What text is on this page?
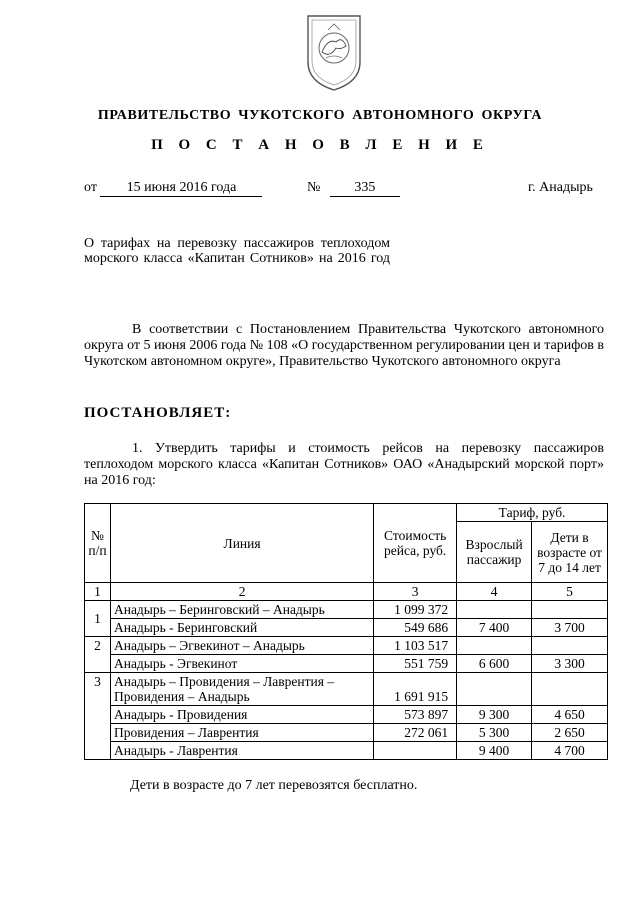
ПРАВИТЕЛЬСТВО ЧУКОТСКОГО АВТОНОМНОГО ОКРУГА
П О С Т А Н О В Л Е Н И Е
от 15 июня 2016 года	№ 335	г. Анадырь
О тарифах на перевозку пассажиров теплоходом морского класса «Капитан Сотников» на 2016 год
В соответствии с Постановлением Правительства Чукотского автономного округа от 5 июня 2006 года № 108 «О государственном регулировании цен и тарифов в Чукотском автономном округе», Правительство Чукотского автономного округа
ПОСТАНОВЛЯЕТ:
1. Утвердить тарифы и стоимость рейсов на перевозку пассажиров теплоходом морского класса «Капитан Сотников» ОАО «Анадырский морской порт» на 2016 год:
№ п/п	Линия	Стоимость рейса, руб.	Тариф, руб.	
			Взрослый пассажир	Дети в возрасте от 7 до 14 лет
1	2	3	4	5
1	Анадырь – Беринговский – Анадырь	1 099 372		
	Анадырь - Беринговский	549 686	7 400	3 700
2	Анадырь – Эгвекинот – Анадырь	1 103 517		
	Анадырь - Эгвекинот	551 759	6 600	3 300
3	Анадырь – Провидения – Лаврентия – Провидения – Анадырь	1 691 915		
	Анадырь - Провидения	573 897	9 300	4 650
	Провидения – Лаврентия	272 061	5 300	2 650
	Анадырь - Лаврентия		9 400	4 700
Дети в возрасте до 7 лет перевозятся бесплатно.
